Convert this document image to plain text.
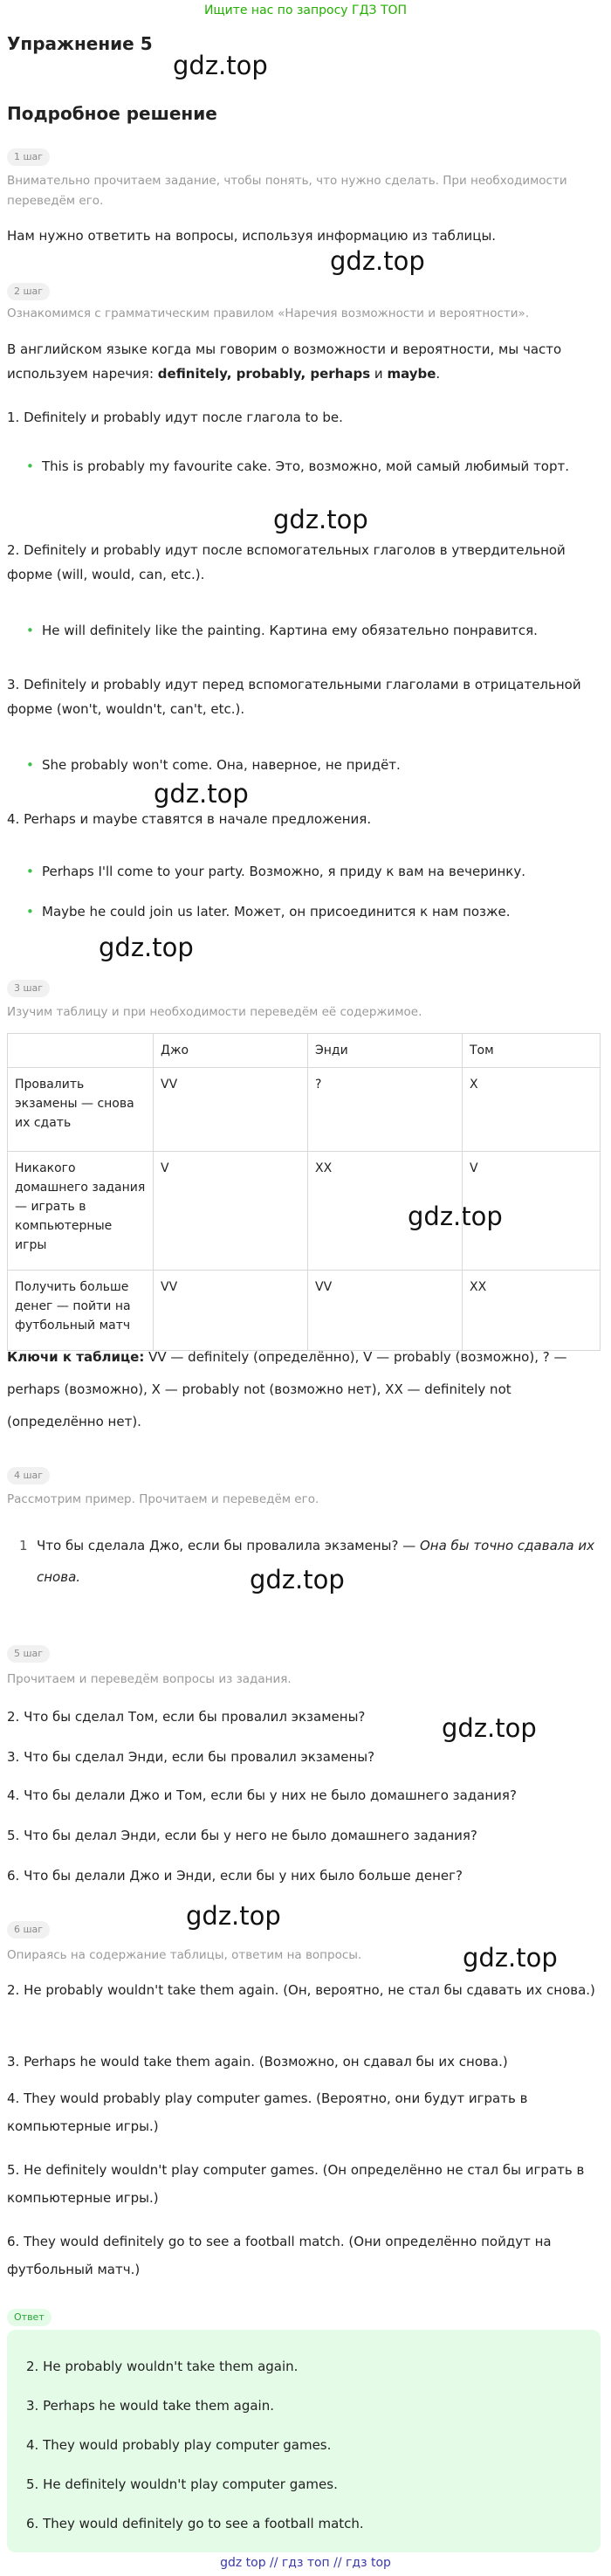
Ищите нас по запросу ГДЗ ТОП
Упражнение 5
Подробное решение
gdz.top
gdz.top
gdz.top
gdz.top
gdz.top
gdz.top
gdz.top
gdz.top
gdz.top
gdz.top
1 шаг
Внимательно прочитаем задание, чтобы понять, что нужно сделать. При необходимости переведём его.
Нам нужно ответить на вопросы, используя информацию из таблицы.
2 шаг
Ознакомимся с грамматическим правилом «Наречия возможности и вероятности».
В английском языке когда мы говорим о возможности и вероятности, мы часто используем наречия: definitely, probably, perhaps и maybe.
1. Definitely и probably идут после глагола to be.
• This is probably my favourite cake. Это, возможно, мой самый любимый торт.
2. Definitely и probably идут после вспомогательных глаголов в утвердительной форме (will, would, can, etc.).
• He will definitely like the painting. Картина ему обязательно понравится.
3. Definitely и probably идут перед вспомогательными глаголами в отрицательной форме (won't, wouldn't, can't, etc.).
• She probably won't come. Она, наверное, не придёт.
4. Perhaps и maybe ставятся в начале предложения.
• Perhaps I'll come to your party. Возможно, я приду к вам на вечеринку.
• Maybe he could join us later. Может, он присоединится к нам позже.
3 шаг
Изучим таблицу и при необходимости переведём её содержимое.
	Джо	Энди	Том
Провалить экзамены — снова их сдать	VV	?	X
Никакого домашнего задания — играть в компьютерные игры	V	XX	V
Получить больше денег — пойти на футбольный матч	VV	VV	XX
Ключи к таблице: VV — definitely (определённо), V — probably (возможно), ? — perhaps (возможно), X — probably not (возможно нет), XX — definitely not (определённо нет).
4 шаг
Рассмотрим пример. Прочитаем и переведём его.
1 Что бы сделала Джо, если бы провалила экзамены? — Она бы точно сдавала их снова.
5 шаг
Прочитаем и переведём вопросы из задания.
2. Что бы сделал Том, если бы провалил экзамены?
3. Что бы сделал Энди, если бы провалил экзамены?
4. Что бы делали Джо и Том, если бы у них не было домашнего задания?
5. Что бы делал Энди, если бы у него не было домашнего задания?
6. Что бы делали Джо и Энди, если бы у них было больше денег?
6 шаг
Опираясь на содержание таблицы, ответим на вопросы.
2. He probably wouldn't take them again. (Он, вероятно, не стал бы сдавать их снова.)
3. Perhaps he would take them again. (Возможно, он сдавал бы их снова.)
4. They would probably play computer games. (Вероятно, они будут играть в компьютерные игры.)
5. He definitely wouldn't play computer games. (Он определённо не стал бы играть в компьютерные игры.)
6. They would definitely go to see a football match. (Они определённо пойдут на футбольный матч.)
Ответ
2. He probably wouldn't take them again.
3. Perhaps he would take them again.
4. They would probably play computer games.
5. He definitely wouldn't play computer games.
6. They would definitely go to see a football match.
gdz top // гдз топ // гдз top
